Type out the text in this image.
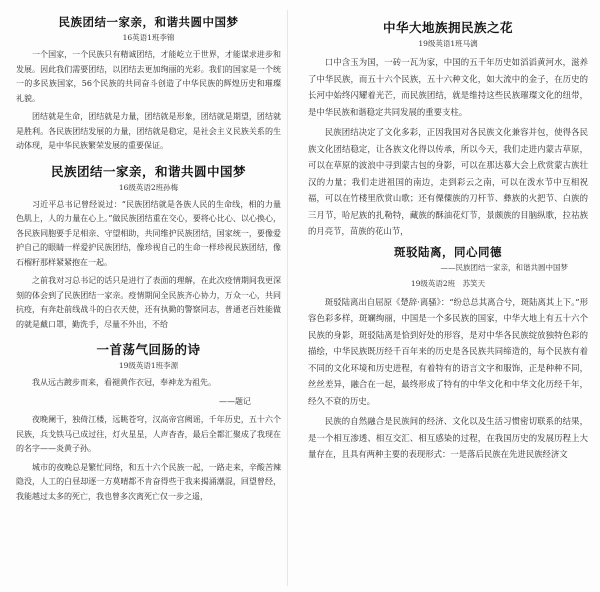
民族团结一家亲，和谐共圆中国梦
16英语1班李锦

一个国家，一个民族只有精诚团结，才能屹立于世界，才能谋求进步和发展。因此我们需要团结，以团结去更加绚丽的光彩。我们的国家是一个统一的多民族国家，56个民族的共同奋斗创造了中华民族的辉煌历史和璀璨礼貌。

团结就是生命，团结就是力量，团结就是形象，团结就是期望，团结就是胜利。各民族团结发展的力量，团结就是稳定，是社会主义民族关系的生动体现，是中华民族繁荣发展的重要保证。

民族团结一家亲，和谐共圆中国梦
16级英语2班孙梅

习近平总书记曾经说过：“民族团结就是各族人民的生命线，相的力量色肌上，人的力量在心上。”做民族团结重在交心，要将心比心、以心换心，各民族同胞要手足相亲、守望相助，共同维护民族团结，国家统一，要像爱护自己的眼睛一样爱护民族团结，像珍视自己的生命一样珍视民族团结，像石榴籽那样紧紧抱在一起。

之前我对习总书记的话只是进行了表面的理解，在此次疫情期间我更深刻的体会到了民族团结一家亲。疫情期间全民族齐心协力，万众一心，共同抗疫，有奔赴前线战斗的白衣天使，还有执勤的警察同志，普通老百姓能做的就是戴口罩，勤洗手，尽量不外出，不给

一首荡气回肠的诗
19级英语1班李源

我从远古踱步而来，看褪黄作衣冠，奉神龙为祖先。

——题记

夜晚阑干，独倚江楼，远眺苍穹，汉高帝宫阙谣，千年历史，五十六个民族，兵戈铁马已成过往，灯火星星，人声杳杳，最后全都汇聚成了我现在的名字——炎黄子孙。

城市的夜晚总是繁忙同络，和五十六个民族一起，一路走来，辛酸苦辣隐没，人工的白昼却逐一方莫晴都不肯奋得些于我来揭涌潮混，回望曾经，我能越过太多的死亡，我也曾多次离死亡仅一步之遥，

中华大地族拥民族之花
19级英语1班马漓

口中含玉为国，一砖一瓦为家，中国的五千年历史如滔滔黄河水，滋养了中华民族，而五十六个民族，五十六种文化，如大流中的金子，在历史的长河中始终闪耀着光芒，而民族团结，就是维持这些民族璀璨文化的纽带，是中华民族和谐稳定共同发展的重要支柱。

民族团结决定了文化多彩，正因我国对各民族文化兼容并包，使得各民族文化团结稳定，让各族文化得以传承，所以今天，我们走进内蒙古草原，可以在草原的波浪中寻到蒙古包的身影，可以在那达慕大会上欣赏蒙古族壮汉的力量；我们走进祖国的南边，走到彩云之南，可以在泼水节中互相祝福，可以在竹楼里欣赏山歌；还有傈僳族的刀杆节、彝族的火把节、白族的三月节，哈尼族的扎勒特，藏族的酥油花灯节，景颇族的目脑纵歌，拉祜族的月亮节，苗族的花山节，

斑驳陆离，同心同德
——民族团结一家亲，和谐共圆中国梦
19级英语2班　苏笑天

斑驳陆离出自屈原《楚辞·离骚》：“纷总总其离合兮，斑陆离其上下。”形容色彩多样，斑斓绚丽，中国是一个多民族的国家，中华大地上有五十六个民族的身影，斑驳陆离是恰到好处的形容，是对中华各民族绽放独特色彩的描绘，中华民族既历经千百年来的历史是各民族共同缔造的，每个民族有着不同的文化环境和历史进程，有着特有的语言文字和服饰，正是种种不同，丝丝差异，融合在一起，最终形成了特有的中华文化和中华文化历经千年，经久不衰的历史。

民族的自然融合是民族间的经济、文化以及生活习惯密切联系的结果，是一个相互渗透、相互交汇、相互感染的过程，在我国历史的发展历程上大量存在，且具有两种主要的表现形式：一是落后民族在先进民族经济文
